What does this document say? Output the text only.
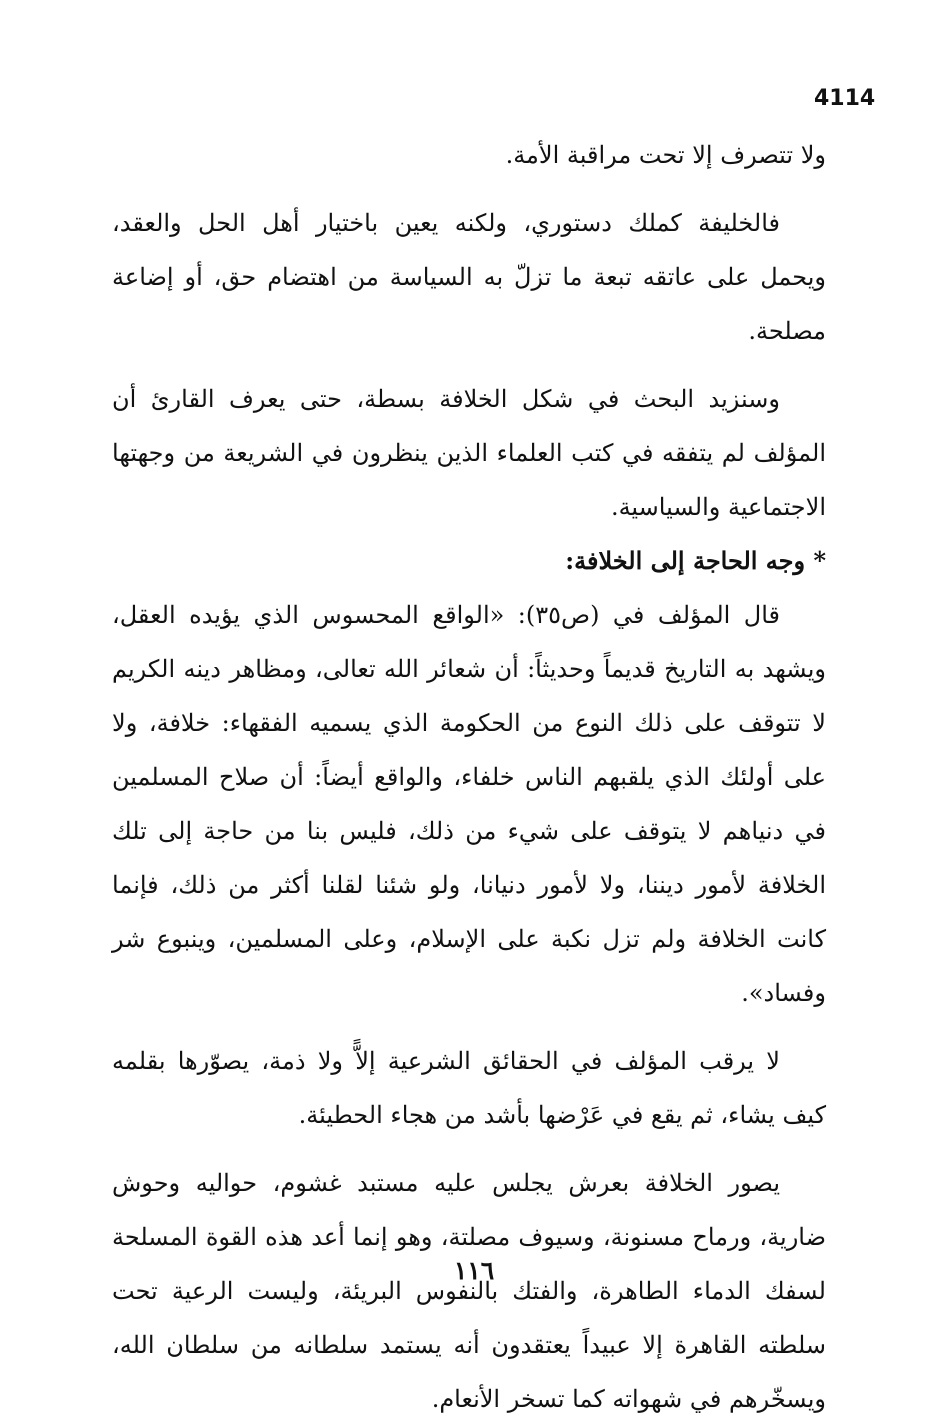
4114

ولا تتصرف إلا تحت مراقبة الأمة.

فالخليفة كملك دستوري، ولكنه يعين باختيار أهل الحل والعقد، ويحمل على عاتقه تبعة ما تزلّ به السياسة من اهتضام حق، أو إضاعة مصلحة.

وسنزيد البحث في شكل الخلافة بسطة، حتى يعرف القارئ أن المؤلف لم يتفقه في كتب العلماء الذين ينظرون في الشريعة من وجهتها الاجتماعية والسياسية.

* وجه الحاجة إلى الخلافة:

قال المؤلف في (ص٣٥): «الواقع المحسوس الذي يؤيده العقل، ويشهد به التاريخ قديماً وحديثاً: أن شعائر الله تعالى، ومظاهر دينه الكريم لا تتوقف على ذلك النوع من الحكومة الذي يسميه الفقهاء: خلافة، ولا على أولئك الذي يلقبهم الناس خلفاء، والواقع أيضاً: أن صلاح المسلمين في دنياهم لا يتوقف على شيء من ذلك، فليس بنا من حاجة إلى تلك الخلافة لأمور ديننا، ولا لأمور دنيانا، ولو شئنا لقلنا أكثر من ذلك، فإنما كانت الخلافة ولم تزل نكبة على الإسلام، وعلى المسلمين، وينبوع شر وفساد».

لا يرقب المؤلف في الحقائق الشرعية إلاًّ ولا ذمة، يصوّرها بقلمه كيف يشاء، ثم يقع في عَرْضها بأشد من هجاء الحطيئة.

يصور الخلافة بعرش يجلس عليه مستبد غشوم، حواليه وحوش ضارية، ورماح مسنونة، وسيوف مصلتة، وهو إنما أعد هذه القوة المسلحة لسفك الدماء الطاهرة، والفتك بالنفوس البريئة، وليست الرعية تحت سلطته القاهرة إلا عبيداً يعتقدون أنه يستمد سلطانه من سلطان الله، ويسخّرهم في شهواته كما تسخر الأنعام.

١١٦
